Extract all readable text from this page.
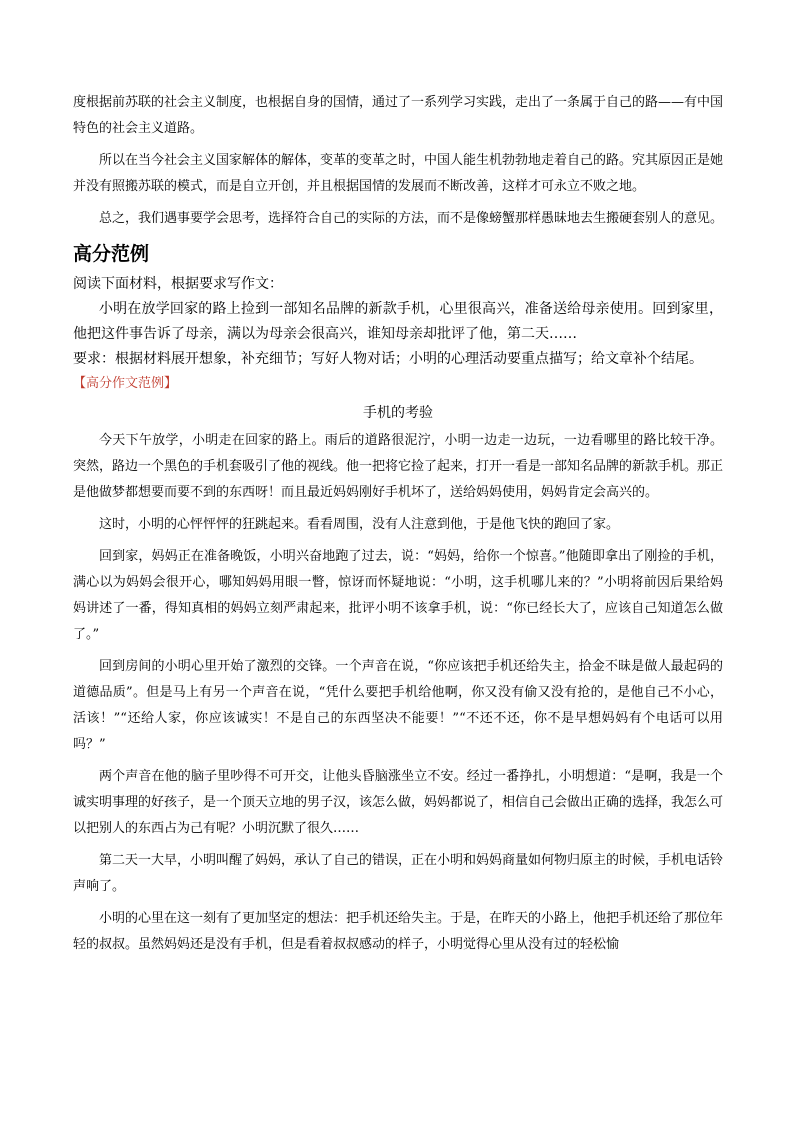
度根据前苏联的社会主义制度，也根据自身的国情，通过了一系列学习实践，走出了一条属于自己的路——有中国特色的社会主义道路。

所以在当今社会主义国家解体的解体，变革的变革之时，中国人能生机勃勃地走着自己的路。究其原因正是她并没有照搬苏联的模式，而是自立开创，并且根据国情的发展而不断改善，这样才可永立不败之地。

总之，我们遇事要学会思考，选择符合自己的实际的方法，而不是像螃蟹那样愚昧地去生搬硬套别人的意见。

高分范例

阅读下面材料，根据要求写作文：

小明在放学回家的路上捡到一部知名品牌的新款手机，心里很高兴，准备送给母亲使用。回到家里，他把这件事告诉了母亲，满以为母亲会很高兴，谁知母亲却批评了他，第二天……

要求：根据材料展开想象，补充细节；写好人物对话；小明的心理活动要重点描写；给文章补个结尾。

【高分作文范例】
手机的考验

今天下午放学，小明走在回家的路上。雨后的道路很泥泞，小明一边走一边玩，一边看哪里的路比较干净。 突然，路边一个黑色的手机套吸引了他的视线。他一把将它捡了起来，打开一看是一部知名品牌的新款手机。那正是他做梦都想要而要不到的东西呀！而且最近妈妈刚好手机坏了，送给妈妈使用，妈妈肯定会高兴的。

这时，小明的心怦怦怦的狂跳起来。看看周围，没有人注意到他，于是他飞快的跑回了家。

回到家，妈妈正在准备晚饭，小明兴奋地跑了过去，说：“妈妈，给你一个惊喜。”他随即拿出了刚捡的手机，满心以为妈妈会很开心，哪知妈妈用眼一瞥，惊讶而怀疑地说：“小明，这手机哪儿来的？”小明将前因后果给妈妈讲述了一番，得知真相的妈妈立刻严肃起来，批评小明不该拿手机，说：“你已经长大了，应该自己知道怎么做了。”

回到房间的小明心里开始了激烈的交锋。一个声音在说，“你应该把手机还给失主，拾金不昧是做人最起码的道德品质”。但是马上有另一个声音在说，“凭什么要把手机给他啊，你又没有偷又没有抢的，是他自己不小心，活该！”“还给人家，你应该诚实！不是自己的东西坚决不能要！”“不还不还，你不是早想妈妈有个电话可以用吗？”

两个声音在他的脑子里吵得不可开交，让他头昏脑涨坐立不安。经过一番挣扎，小明想道：“是啊，我是一个诚实明事理的好孩子，是一个顶天立地的男子汉，该怎么做，妈妈都说了，相信自己会做出正确的选择，我怎么可以把别人的东西占为己有呢？小明沉默了很久……

第二天一大早，小明叫醒了妈妈，承认了自己的错误，正在小明和妈妈商量如何物归原主的时候，手机电话铃声响了。

小明的心里在这一刻有了更加坚定的想法：把手机还给失主。于是，在昨天的小路上，他把手机还给了那位年轻的叔叔。虽然妈妈还是没有手机，但是看着叔叔感动的样子，小明觉得心里从没有过的轻松愉
